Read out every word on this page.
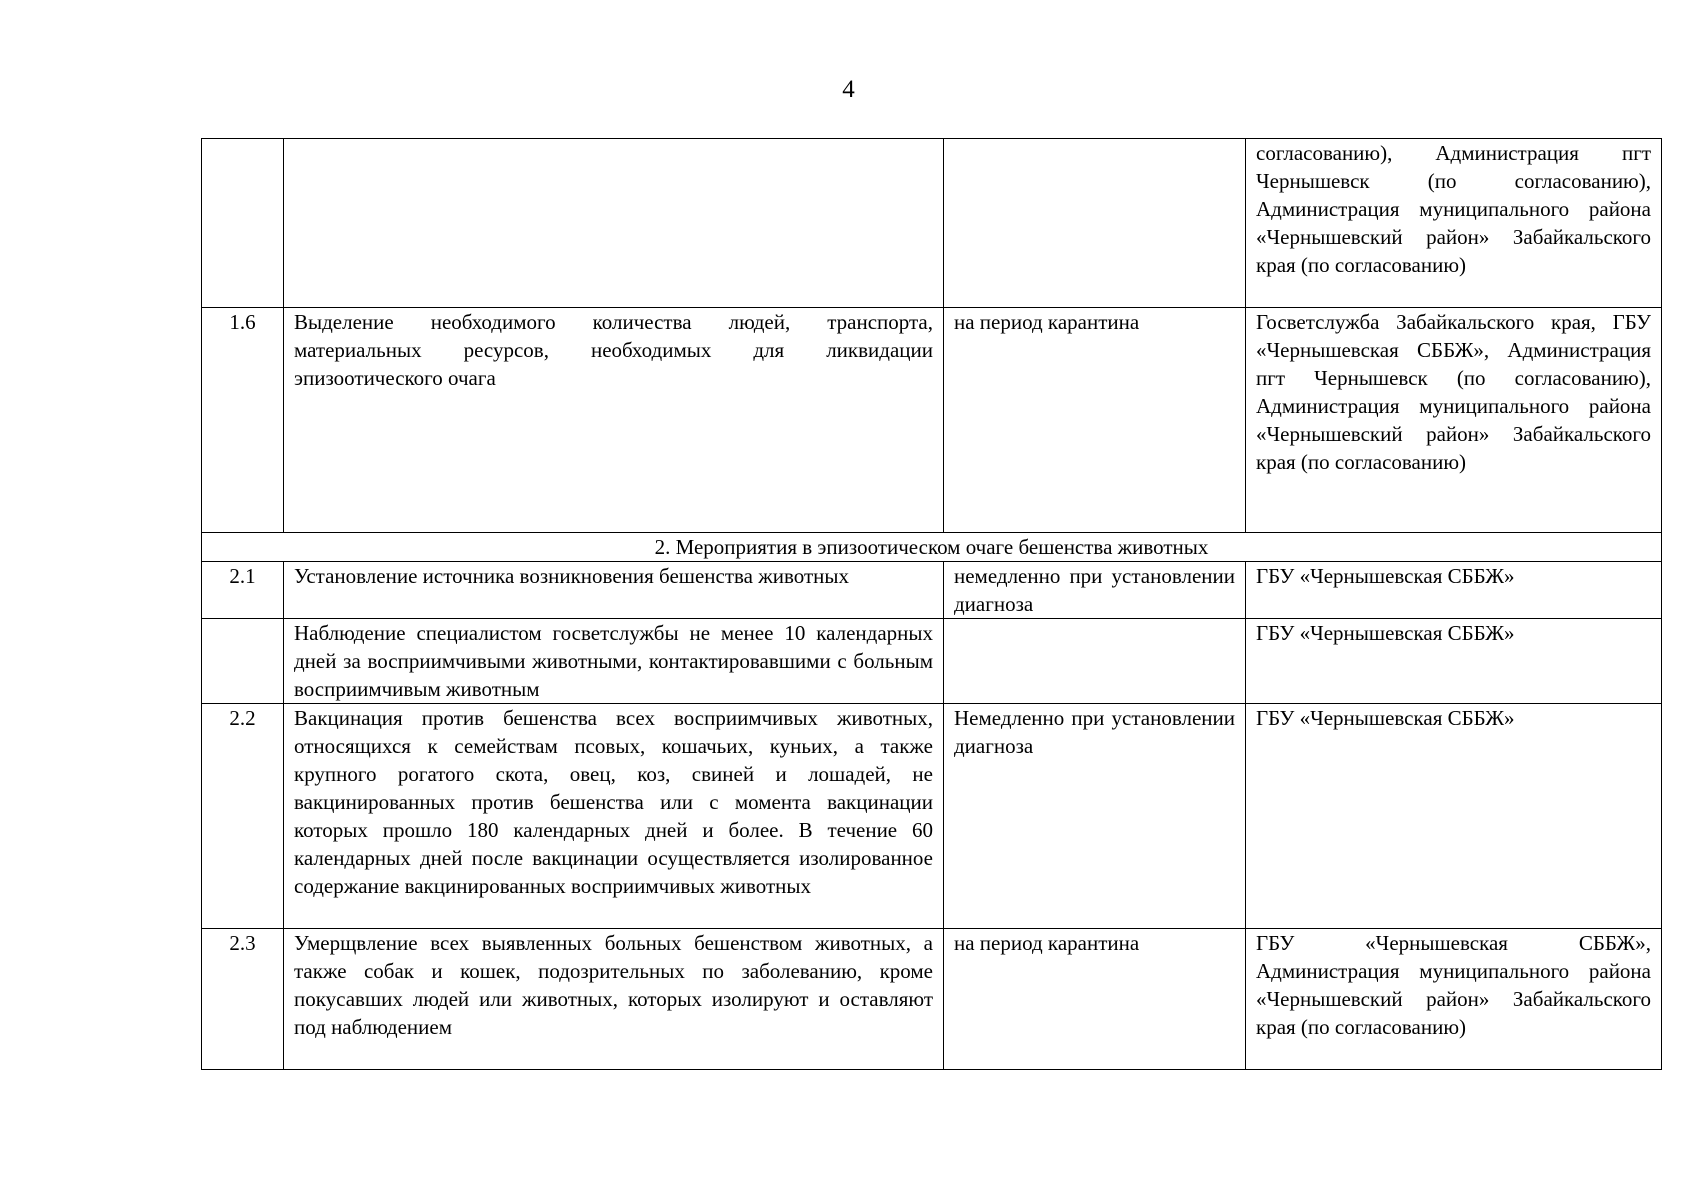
4
			согласованию), Администрация пгт Чернышевск (по согласованию), Администрация муниципального района «Чернышевский район» Забайкальского края (по согласованию)
1.6	Выделение необходимого количества людей, транспорта, материальных ресурсов, необходимых для ликвидации эпизоотического очага	на период карантина	Госветслужба Забайкальского края, ГБУ «Чернышевская СББЖ», Администрация пгт Чернышевск (по согласованию), Администрация муниципального района «Чернышевский район» Забайкальского края (по согласованию)
2. Мероприятия в эпизоотическом очаге бешенства животных			
2.1	Установление источника возникновения бешенства животных	немедленно при установлении диагноза	ГБУ «Чернышевская СББЖ»
	Наблюдение специалистом госветслужбы не менее 10 календарных дней за восприимчивыми животными, контактировавшими с больным восприимчивым животным		ГБУ «Чернышевская СББЖ»
2.2	Вакцинация против бешенства всех восприимчивых животных, относящихся к семействам псовых, кошачьих, куньих, а также крупного рогатого скота, овец, коз, свиней и лошадей, не вакцинированных против бешенства или с момента вакцинации которых прошло 180 календарных дней и более. В течение 60 календарных дней после вакцинации осуществляется изолированное содержание вакцинированных восприимчивых животных	Немедленно при установлении диагноза	ГБУ «Чернышевская СББЖ»
2.3	Умерщвление всех выявленных больных бешенством животных, а также собак и кошек, подозрительных по заболеванию, кроме покусавших людей или животных, которых изолируют и оставляют под наблюдением	на период карантина	ГБУ «Чернышевская СББЖ», Администрация муниципального района «Чернышевский район» Забайкальского края (по согласованию)
